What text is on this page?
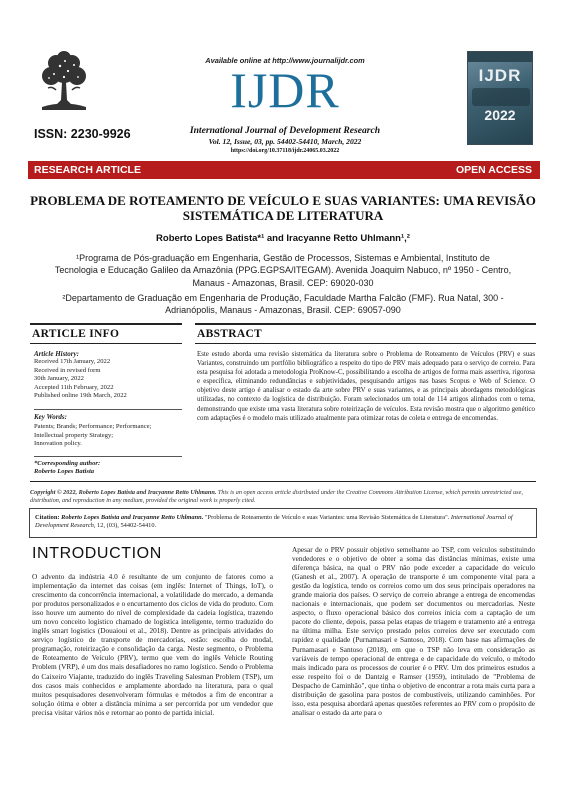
ISSN: 2230-9926
Available online at http://www.journalijdr.com
IJDR
International Journal of Development Research
Vol. 12, Issue, 03, pp. 54402-54410, March, 2022
https://doi.org/10.37118/ijdr.24065.03.2022
IJDR
2022
RESEARCH ARTICLE	OPEN ACCESS
PROBLEMA DE ROTEAMENTO DE VEÍCULO E SUAS VARIANTES: UMA REVISÃO
SISTEMÁTICA DE LITERATURA
Roberto Lopes Batista*¹ and Iracyanne Retto Uhlmann¹,²
¹Programa de Pós-graduação em Engenharia, Gestão de Processos, Sistemas e Ambiental, Instituto de
Tecnologia e Educação Galileo da Amazônia (PPG.EGPSA/ITEGAM). Avenida Joaquim Nabuco, nº 1950 - Centro,
Manaus - Amazonas, Brasil. CEP: 69020-030
²Departamento de Graduação em Engenharia de Produção, Faculdade Martha Falcão (FMF). Rua Natal, 300 -
Adrianópolis, Manaus - Amazonas, Brasil. CEP: 69057-090
ARTICLE INFO	ABSTRACT
Article History:
Received 17th January, 2022
Received in revised form
30th January, 2022
Accepted 11th February, 2022
Published online 19th March, 2022
Key Words:
Patents; Brands; Performance; Performance;
Intellectual property Strategy;
Innovation policy.
*Corresponding author:
Roberto Lopes Batista
Este estudo aborda uma revisão sistemática da literatura sobre o Problema de Roteamento de Veículos (PRV) e suas Variantes, construindo um portfólio bibliográfico a respeito do tipo de PRV mais adequado para o serviço de correio. Para esta pesquisa foi adotada a metodologia ProKnow-C, possibilitando a escolha de artigos de forma mais assertiva, rigorosa e específica, eliminando redundâncias e subjetividades, pesquisando artigos nas bases Scopus e Web of Science. O objetivo deste artigo é analisar o estado da arte sobre PRV e suas variantes, e as principais abordagens metodológicas utilizadas, no contexto da logística de distribuição. Foram selecionados um total de 114 artigos alinhados com o tema, demonstrando que existe uma vasta literatura sobre roteirização de veículos. Esta revisão mostra que o algoritmo genético com adaptações é o modelo mais utilizado atualmente para otimizar rotas de coleta e entrega de encomendas.
Copyright © 2022, Roberto Lopes Batista and Iracyanne Retto Uhlmann. This is an open access article distributed under the Creative Commons Attribution License, which permits unrestricted use, distribution, and reproduction in any medium, provided the original work is properly cited.
Citation: Roberto Lopes Batista and Iracyanne Retto Uhlmann. "Problema de Roteamento de Veículo e suas Variantes: uma Revisão Sistemática de Literatura". International Journal of Development Research, 12, (03), 54402-54410.
INTRODUCTION
O advento da indústria 4.0 é resultante de um conjunto de fatores como a implementação da internet das coisas (em inglês: Internet of Things, IoT), o crescimento da concorrência internacional, a volatilidade do mercado, a demanda por produtos personalizados e o encurtamento dos ciclos de vida do produto. Com isso houve um aumento do nível de complexidade da cadeia logística, trazendo um novo conceito logístico chamado de logística inteligente, termo traduzido do inglês smart logistics (Douaioui et al., 2018). Dentre as principais atividades do serviço logístico de transporte de mercadorias, estão: escolha do modal, programação, roteirização e consolidação da carga. Neste segmento, o Problema de Roteamento de Veículo (PRV), termo que vem do inglês Vehicle Routing Problem (VRP), é um dos mais desafiadores no ramo logístico. Sendo o Problema do Caixeiro Viajante, traduzido do inglês Traveling Salesman Problem (TSP), um dos casos mais conhecidos e amplamente abordado na literatura, para o qual muitos pesquisadores desenvolveram fórmulas e métodos a fim de encontrar a solução ótima e obter a distância mínima a ser percorrida por um vendedor que precisa visitar vários nós e retornar ao ponto de partida inicial.
Apesar de o PRV possuir objetivo semelhante ao TSP, com veículos substituindo vendedores e o objetivo de obter a soma das distâncias mínimas, existe uma diferença básica, na qual o PRV não pode exceder a capacidade do veículo (Ganesh et al., 2007). A operação de transporte é um componente vital para a gestão da logística, tendo os correios como um dos seus principais operadores na grande maioria dos países. O serviço de correio abrange a entrega de encomendas nacionais e internacionais, que podem ser documentos ou mercadorias. Neste aspecto, o fluxo operacional básico dos correios inicia com a captação de um pacote do cliente, depois, passa pelas etapas de triagem e tratamento até a entrega na última milha. Este serviço prestado pelos correios deve ser executado com rapidez e qualidade (Purnamasari e Santoso, 2018). Com base nas afirmações de Purnamasari e Santoso (2018), em que o TSP não leva em consideração as variáveis de tempo operacional de entrega e de capacidade do veículo, o método mais indicado para os processos de courier é o PRV. Um dos primeiros estudos a esse respeito foi o de Dantzig e Ramser (1959), intitulado de "Problema de Despacho de Caminhão", que tinha o objetivo de encontrar a rota mais curta para a distribuição de gasolina para postos de combustíveis, utilizando caminhões. Por isso, esta pesquisa abordará apenas questões referentes ao PRV com o propósito de analisar o estado da arte para o
